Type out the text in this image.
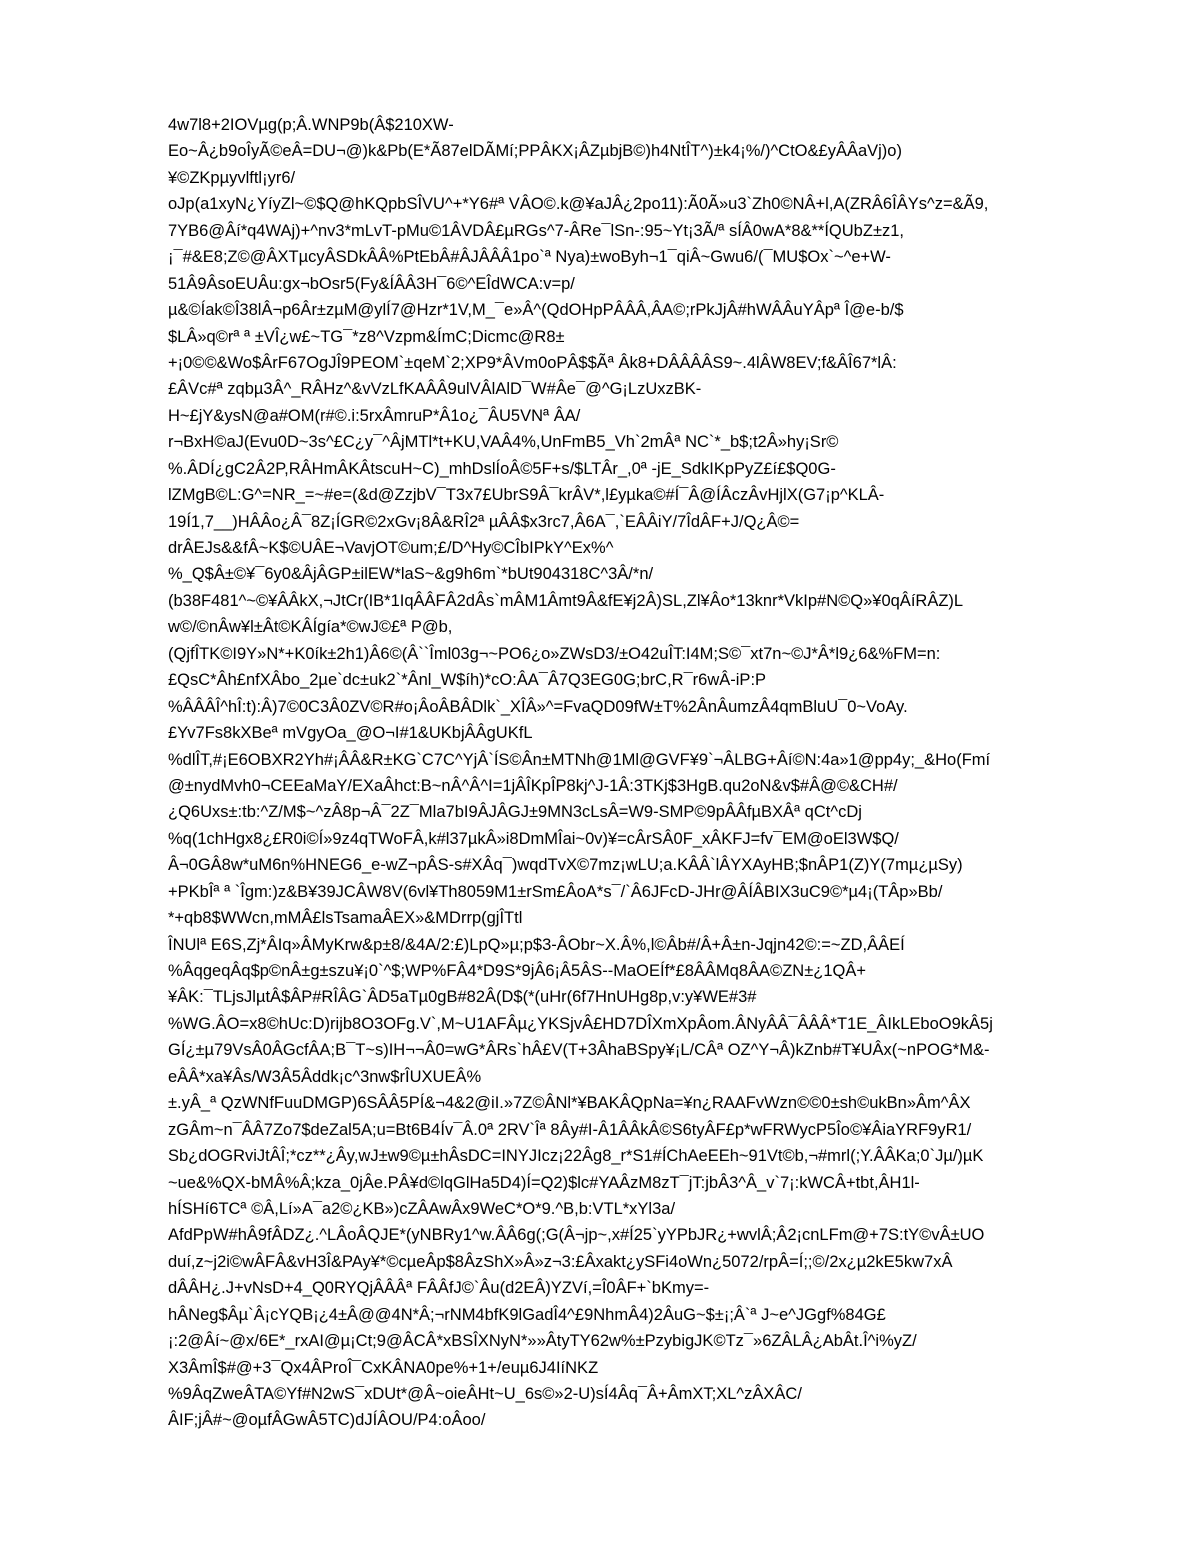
4w7l8+2IOVµg(p;Â.WNP9b(Â$210XW-
Eo~Â¿b9oÎyÃ©eÂ=DU¬@)k&Pb(E*Ã87elDÃMí;PPÂKX¡ÂZµbjB©)h4NtÎT^)±k4¡%/)^CtO&£yÂÂaVj)o)
¥©ZKpµyvlftl¡yr6/
oJp(a1xyN¿YíyZl~©$Q@hKQpbSÎVU^+*Y6#ª VÂO©.k@¥aJÂ¿2po11):Ã0Ã»u3`Zh0©NÂ+l,A(ZRÂ6ÎÂYs^z=&Ã9,
7YB6@Âí*q4WAj)+^nv3*mLvT-pMu©1ÂVDÂ£µRGs^7-ÂRe¯lSn-:95~Yt¡3Ã/ª sÍÂ0wA*8&**ÍQUbZ±z1,
¡¯#&E8;Z©@ÂXTµcyÂSDkÂÂ%PtEbÂ#ÂJÂÂÂ1po`ª Nya)±woByh¬1¯qiÂ~Gwu6/(¯MU$Ox`~^e+W-
51Â9ÂsoEUÂu:gx¬bOsr5(Fy&ÍÂÂ3H¯6©^EÎdWCA:v=p/
µ&©Íak©Î38lÂ¬p6Âr±zµM@ylÍ7@Hzr*1V,M_¯e»Â^(QdOHpPÂÂÂ,ÂA©;rPkJjÂ#hWÂÂuYÂpª Î@e-b/$
$LÂ»q©rª ª ±VÎ¿w£~TG¯*z8^Vzpm&ÍmC;Dicmc@R8±
+¡0©©&Wo$ÂrF67OgJÎ9PEOM`±qeM`2;XP9*ÂVm0oPÂ$$Ãª Âk8+DÂÂÂÂS9~.4lÂW8EV;f&ÂÎ67*lÂ:
£ÂVc#ª zqbµ3Â^_RÂHz^&vVzLfKAÂÂ9ulVÂlAlD¯W#Âe¯@^G¡LzUxzBK-
H~£jY&ysN@a#OM(r#©.i:5rxÂmruP*Â1o¿¯ÂU5VNª ÂA/
r¬BxH©aJ(Evu0D~3s^£C¿y¯^ÂjMTl*t+KU,VAÂ4%,UnFmB5_Vh`2mÂª NC`*_b$;t2Â»hy¡Sr©
%.ÂDÍ¿gC2Â2P,RÂHmÂKÂtscuH~C)_mhDslÍoÂ©5F+s/$LTÂr_,0ª -jE_SdkIKpPyZ£í£$Q0G-
lZMgB©L:G^=NR_=~#e=(&d@ZzjbV¯T3x7£UbrS9Â¯krÂV*,l£yµka©#Í¯Â@ÍÂczÂvHjlX(G7¡p^KLÂ-
19Í1,7__)HÂÂo¿Â¯8Z¡ÍGR©2xGv¡8Â&RÎ2ª µÂÂ$x3rc7,Â6A¯,`EÂÂiY/7ÎdÂF+J/Q¿Â©=
drÂEJs&&fÂ~K$©UÂE¬VavjOT©um;£/D^Hy©CÎbIPkY^Ex%^
%_Q$Â±©¥¯6y0&ÂjÂGP±ilEW*laS~&g9h6m`*bUt904318C^3Â/*n/
(b38F481^~©¥ÂÂkX,¬JtCr(IB*1IqÂÂFÂ2dÂs`mÂM1Âmt9Â&fE¥j2Â)SL,Zl¥Âo*13knr*VkIp#N©Q»¥0qÂíRÂZ)L
w©/©nÂw¥l±Ât©KÂÍgía*©wJ©£ª P@b,
(QjfÎTK©I9Y»N*+K0ík±2h1)Â6©(Â``Îml03g¬~PO6¿o»ZWsD3/±O42uÎT:I4M;S©¯xt7n~©J*Â*l9¿6&%FM=n:
£QsC*Âh£nfXÂbo_2µe`dc±uk2`*Ânl_W$íh)*cO:ÂA¯Â7Q3EG0G;brC,R¯r6wÂ-iP:P
%ÂÂÂÎ^hÎ:t):Â)7©0C3Â0ZV©R#o¡ÂoÂBÂDlk`_XÎÂ»^=FvaQD09fW±T%2ÂnÂumzÂ4qmBluU¯0~VoAy.
£Yv7Fs8kXBeª mVgyOa_@O¬I#1&UKbjÂÂgUKfL
%dlÎT,#¡E6OBXR2Yh#¡ÂÂ&R±KG`C7C^YjÂ`ÍS©Ân±MTNh@1Ml@GVF¥9`¬ÂLBG+Âí©N:4a»1@pp4y;_&Ho(Fmí
@±nydMvh0¬CEEaMaY/EXaÂhct:B~nÂ^Â^I=1jÂÎKpÎP8kj^J-1Â:3TKj$3HgB.qu2oN&v$#Â@©&CH#/
¿Q6Uxs±:tb:^Z/M$~^zÂ8p¬Â¯2Z¯Mla7bI9ÂJÂGJ±9MN3cLsÂ=W9-SMP©9pÂÂfµBXÂª qCt^cDj
%q(1chHgx8¿£R0i©Í»9z4qTWoFÂ,k#l37µkÂ»i8DmMÎai~0v)¥=cÂrSÂ0F_xÂKFJ=fv¯EM@oEl3W$Q/
Â¬0GÂ8w*uM6n%HNEG6_e-wZ¬pÂS-s#XÂq¯)wqdTvX©7mz¡wLU;a.KÂÂ`lÂYXAyHB;$nÂP1(Z)Y(7mµ¿µSy)
+PKbÎª ª `Îgm:)z&B¥39JCÂW8V(6vl¥Th8059M1±rSm£ÂoA*s¯/`Â6JFcD-JHr@ÂÍÂBIX3uC9©*µ4¡(TÂp»Bb/
*+qb8$WWcn,mMÂ£lsTsamaÂEX»&MDrrp(gjÎTtl
ÎNUlª E6S,Zj*ÂIq»ÂMyKrw&p±8/&4A/2:£)LpQ»µ;p$3-ÂObr~X.Â%,l©Âb#/Â+Â±n-Jqjn42©:=~ZD,ÂÂEÍ
%ÂqgeqÂq$p©nÂ±g±szu¥¡0`^$;WP%FÂ4*D9S*9jÂ6¡Â5ÂS--MaOEÍf*£8ÂÂMq8ÂA©ZN±¿1QÂ+
¥ÂK:¯TLjsJlµtÂ$ÂP#RÎÂG`ÂD5aTµ0gB#82Â(D$(*(uHr(6f7HnUHg8p,v:y¥WE#3#
%WG.ÂO=x8©hUc:D)rijb8O3OFg.V`,M~U1AFÂµ¿YKSjvÂ£HD7DÎXmXpÂom.ÂNyÂÂ¯ÂÂÂ*T1E_ÂIkLEboO9kÂ5j
GÍ¿±µ79VsÂ0ÂGcfÂA;B¯T~s)IH¬¬Â0=wG*ÂRs`hÂ£V(T+3ÂhaBSpy¥¡L/CÂª OZ^Y¬Â)kZnb#T¥UÂx(~nPOG*M&-
eÂÂ*xa¥Âs/W3Â5Âddk¡c^3nw$rÎUXUEÂ%
±.yÂ_ª QzWNfFuuDMGP)6SÂÂ5PÍ&¬4&2@iI.»7Z©ÂNl*¥BAKÂQpNa=¥n¿RAAFvWzn©©0±sh©ukBn»Âm^ÂX
zGÂm~n¯ÂÂ7Zo7$deZal5A;u=Bt6B4Ív¯Â.0ª 2RV`Îª 8Ây#I-Â1ÂÂkÂ©S6tyÂF£p*wFRWycP5Îo©¥ÂiaYRF9yR1/
Sb¿dOGRviJtÂÎ;*cz**¿Ây,wJ±w9©µ±hÂsDC=INYJIcz¡22Âg8_r*S1#ÍChAeEEh~91Vt©b,¬#mrl(;Y.ÂÂKa;0`Jµ/)µK
~ue&%QX-bMÂ%Â;kza_0jÂe.PÂ¥d©lqGlHa5D4)Í=Q2)$lc#YAÂzM8zT¯jT:jbÂ3^Â_v`7¡:kWCÂ+tbt,ÂH1l-
hÍSHí6TCª ©Â,Lí»A¯a2©¿KB»)cZÂAwÂx9WeC*O*9.^B,b:VTL*xYl3a/
AfdPpW#hÂ9fÂDZ¿.^LÂoÂQJE*(yNBRy1^w.ÂÂ6g(;G(Â¬jp~,x#Í25`yYPbJR¿+wvlÂ;Â2¡cnLFm@+7S:tY©vÂ±UO
duí,z~j2i©wÂFÂ&vH3Î&PAy¥*©cµeÂp$8ÂzShX»Â»z¬3:£Âxakt¿ySFi4oWn¿5072/rpÂ=Í;;©/2x¿µ2kE5kw7xÂ
dÂÂH¿.J+vNsD+4_Q0RYQjÂÂÂª FÂÂfJ©`Âu(d2EÂ)YZVí,=Î0ÂF+`bKmy=-
hÂNeg$Âµ`Â¡cYQB¡¿4±Â@@4N*Â;¬rNM4bfK9lGadÎ4^£9NhmÂ4)2ÂuG~$±¡;Â`ª J~e^JGgf%84G£
¡:2@Âí~@x/6E*_rxAI@µ¡Ct;9@ÂCÂ*xBSÎXNyN*»»ÂtyTY62w%±PzybigJK©Tz¯»6ZÂLÂ¿AbÂt.Î^i%yZ/
X3ÂmÎ$#@+3¯Qx4ÂProÎ¯CxKÂNA0pe%+1+/euµ6J4IíNKZ
%9ÂqZweÂTA©Yf#N2wS¯xDUt*@Â~oieÂHt~U_6s©»2-U)sÍ4Âq¯Â+ÂmXT;XL^zÂXÂC/
ÂIF;jÂ#~@oµfÂGwÂ5TC)dJÍÂOU/P4:oÂoo/
